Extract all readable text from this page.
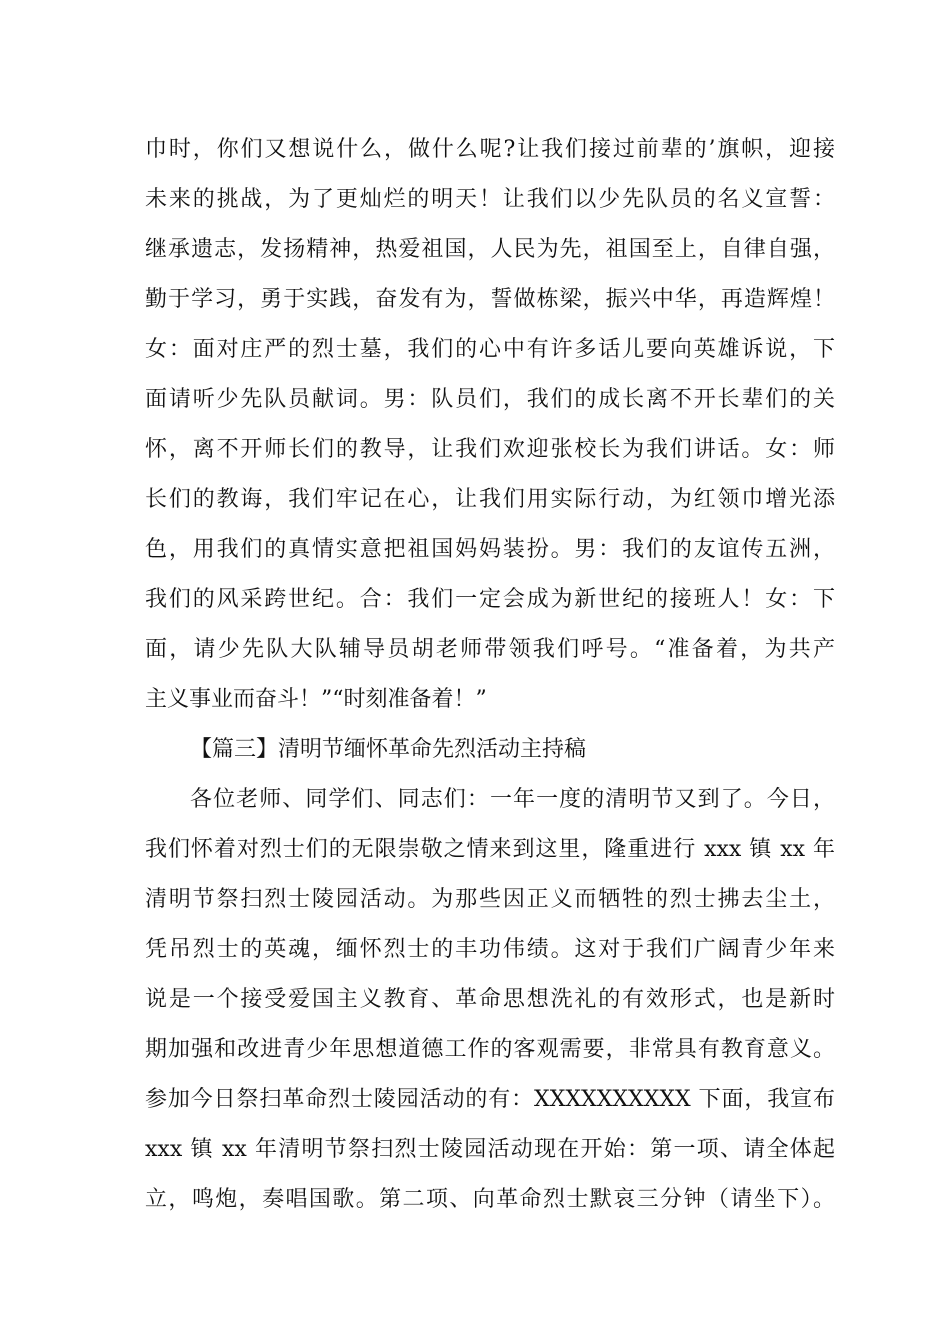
巾时，你们又想说什么，做什么呢?让我们接过前辈的’旗帜，迎接
未来的挑战，为了更灿烂的明天！让我们以少先队员的名义宣誓：
继承遗志，发扬精神，热爱祖国，人民为先，祖国至上，自律自强，
勤于学习，勇于实践，奋发有为，誓做栋梁，振兴中华，再造辉煌！
女：面对庄严的烈士墓，我们的心中有许多话儿要向英雄诉说，下
面请听少先队员献词。男：队员们，我们的成长离不开长辈们的关
怀，离不开师长们的教导，让我们欢迎张校长为我们讲话。女：师
长们的教诲，我们牢记在心，让我们用实际行动，为红领巾增光添
色，用我们的真情实意把祖国妈妈装扮。男：我们的友谊传五洲，
我们的风采跨世纪。合：我们一定会成为新世纪的接班人！女：下
面，请少先队大队辅导员胡老师带领我们呼号。“准备着，为共产
主义事业而奋斗！”“时刻准备着！”
【篇三】清明节缅怀革命先烈活动主持稿
各位老师、同学们、同志们：一年一度的清明节又到了。今日，
我们怀着对烈士们的无限崇敬之情来到这里，隆重进行 xxx 镇 xx 年
清明节祭扫烈士陵园活动。为那些因正义而牺牲的烈士拂去尘土，
凭吊烈士的英魂，缅怀烈士的丰功伟绩。这对于我们广阔青少年来
说是一个接受爱国主义教育、革命思想洗礼的有效形式，也是新时
期加强和改进青少年思想道德工作的客观需要，非常具有教育意义。
参加今日祭扫革命烈士陵园活动的有：XXXXXXXXXX 下面，我宣布
xxx 镇 xx 年清明节祭扫烈士陵园活动现在开始：第一项、请全体起
立，鸣炮，奏唱国歌。第二项、向革命烈士默哀三分钟（请坐下）。
